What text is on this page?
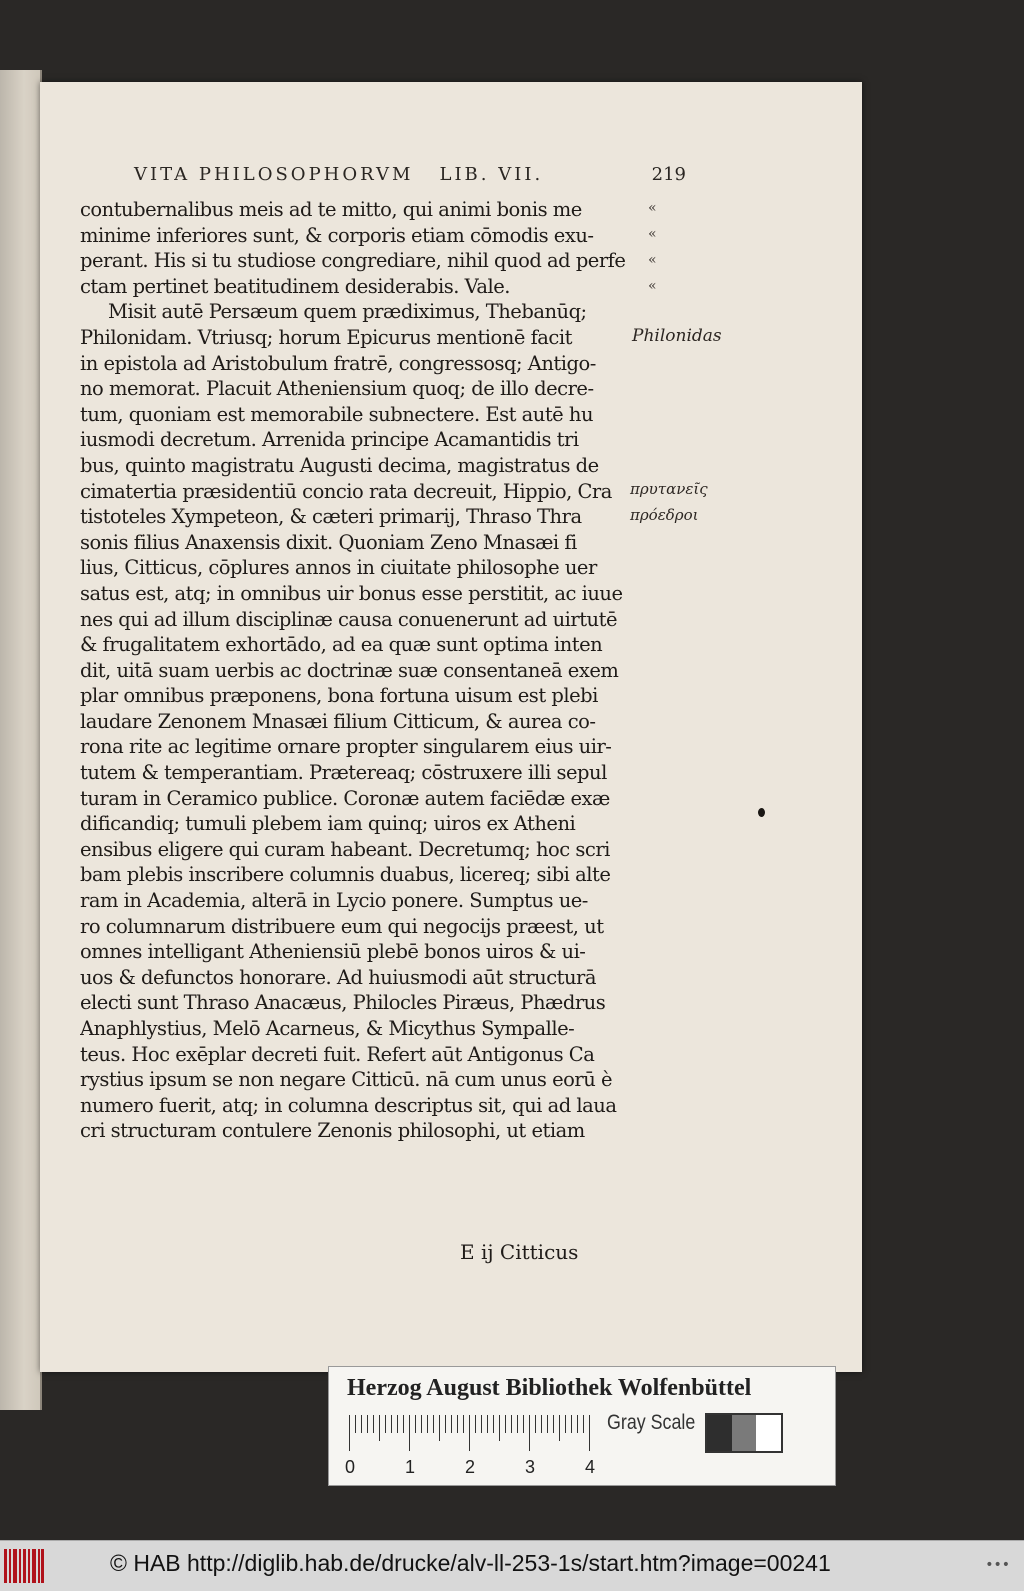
VITA PHILOSOPHORVM LIB. VII.	219
contubernalibus meis ad te mitto, qui animi bonis me
minime inferiores sunt, & corporis etiam cōmodis exu-
perant. His si tu studiose congrediare, nihil quod ad perfe
ctam pertinet beatitudinem desiderabis. Vale.
Misit autē Persæum quem prædiximus, Thebanūq;
Philonidam. Vtriusq; horum Epicurus mentionē facit
in epistola ad Aristobulum fratrē, congressosq; Antigo-
no memorat. Placuit Atheniensium quoq; de illo decre-
tum, quoniam est memorabile subnectere. Est autē hu
iusmodi decretum. Arrenida principe Acamantidis tri
bus, quinto magistratu Augusti decima, magistratus de
cimatertia præsidentiū concio rata decreuit, Hippio, Cra
tistoteles Xympeteon, & cæteri primarij, Thraso Thra
sonis filius Anaxensis dixit. Quoniam Zeno Mnasæi fi
lius, Citticus, cōplures annos in ciuitate philosophe uer
satus est, atq; in omnibus uir bonus esse perstitit, ac iuue
nes qui ad illum disciplinæ causa conuenerunt ad uirtutē
& frugalitatem exhortādo, ad ea quæ sunt optima inten
dit, uitā suam uerbis ac doctrinæ suæ consentaneā exem
plar omnibus præponens, bona fortuna uisum est plebi
laudare Zenonem Mnasæi filium Citticum, & aurea co-
rona rite ac legitime ornare propter singularem eius uir-
tutem & temperantiam. Prætereaq; cōstruxere illi sepul
turam in Ceramico publice. Coronæ autem faciēdæ exæ
dificandiq; tumuli plebem iam quinq; uiros ex Atheni
ensibus eligere qui curam habeant. Decretumq; hoc scri
bam plebis inscribere columnis duabus, licereq; sibi alte
ram in Academia, alterā in Lycio ponere. Sumptus ue-
ro columnarum distribuere eum qui negocijs præest, ut
omnes intelligant Atheniensiū plebē bonos uiros & ui-
uos & defunctos honorare. Ad huiusmodi aūt structurā
electi sunt Thraso Anacæus, Philocles Piræus, Phædrus
Anaphlystius, Melō Acarneus, & Micythus Sympalle-
teus. Hoc exēplar decreti fuit. Refert aūt Antigonus Ca
rystius ipsum se non negare Citticū. nā cum unus eorū è
numero fuerit, atq; in columna descriptus sit, qui ad laua
cri structuram contulere Zenonis philosophi, ut etiam
«
«
«
«
Philonidas
πρυτανεῖς
πρόεδροι
E ij Citticus
Herzog August Bibliothek Wolfenbüttel
0	1	2	3	4
Gray Scale
© HAB http://diglib.hab.de/drucke/alv-ll-253-1s/start.htm?image=00241	•••
